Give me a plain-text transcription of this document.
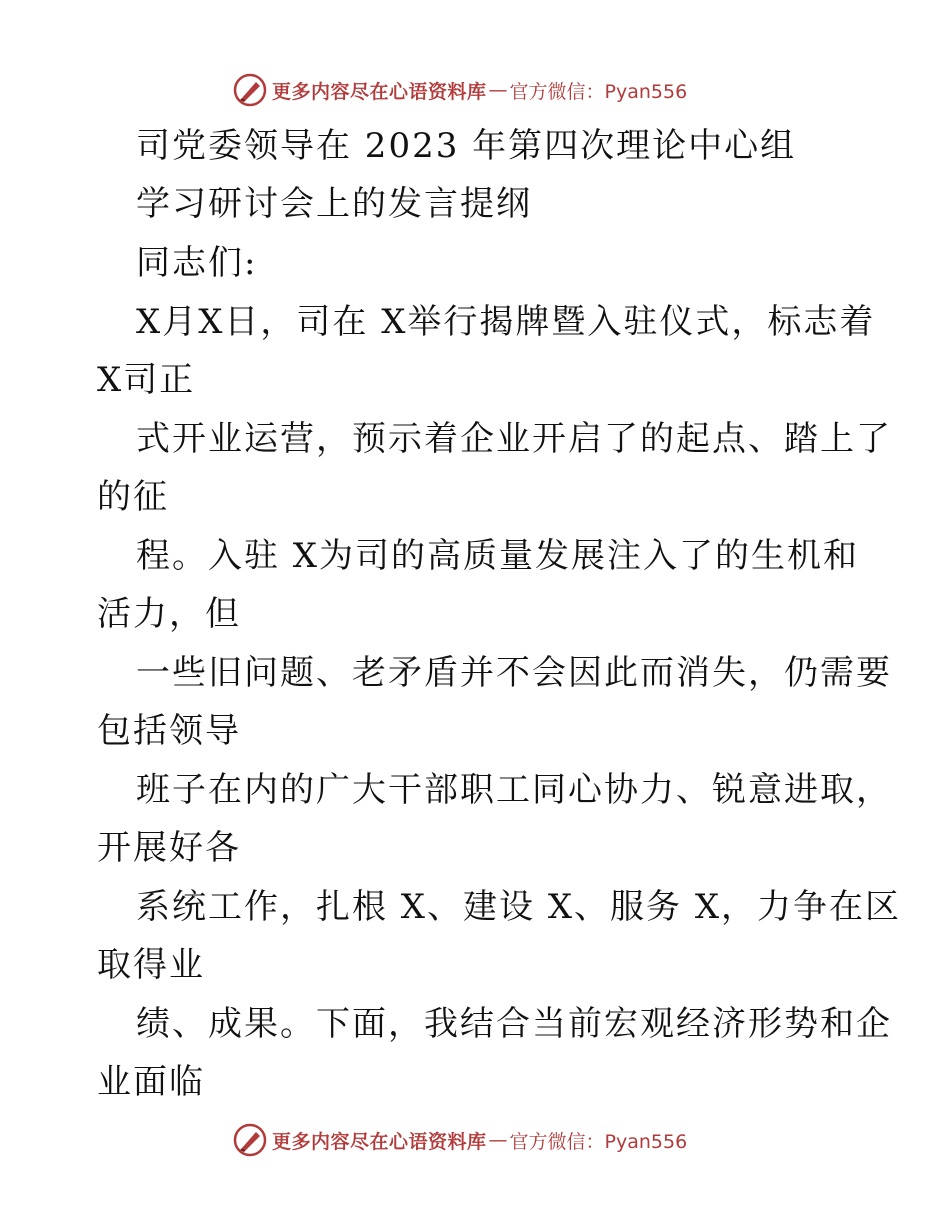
更多内容尽在心语资料库 — 官方微信：Pyan556
司党委领导在 2023 年第四次理论中心组
学习研讨会上的发言提纲
同志们:
X月X日，司在 X举行揭牌暨入驻仪式，标志着
X司正
式开业运营，预示着企业开启了的起点、踏上了
的征
程。入驻 X为司的高质量发展注入了的生机和
活力，但
一些旧问题、老矛盾并不会因此而消失，仍需要
包括领导
班子在内的广大干部职工同心协力、锐意进取，
开展好各
系统工作，扎根 X、建设 X、服务 X，力争在区
取得业
绩、成果。下面，我结合当前宏观经济形势和企
业面临
更多内容尽在心语资料库 — 官方微信：Pyan556
